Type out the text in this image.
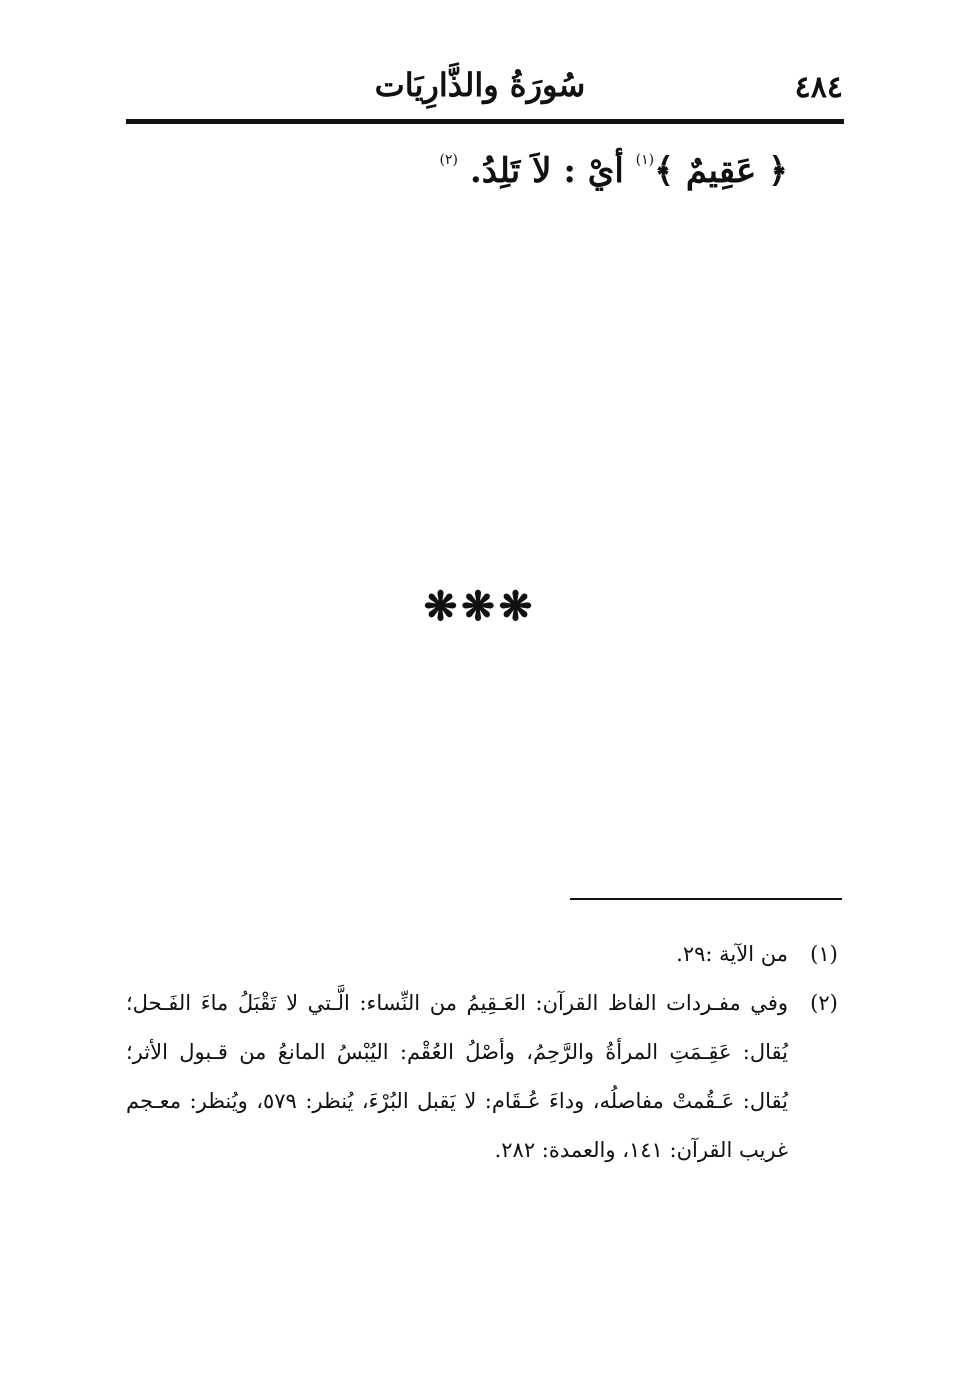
٤٨٤
سُورَةُ والذَّارِيَات
﴿ عَقِيمٌ ﴾$^{(١)}$ أيْ : لاَ تَلِدُ. $^{(٢)}$
❋❋❋
(١)
من الآية :٢٩.
(٢)
وفي مفـردات الفاظ القرآن: العَـقِيمُ من النِّساء: الَّـتي لا تَقْبَلُ ماءَ الفَـحل؛ يُقال: عَقِـمَتِ المرأةُ والرَّحِمُ، وأصْلُ العُقْم: اليُبْسُ المانعُ من قـبول الأثر؛ يُقال: عَـقُمتْ مفاصلُه، وداءَ عُـقَام: لا يَقبل البُرْءَ، يُنظر: ٥٧٩، ويُنظر: معـجم غريب القرآن: ١٤١، والعمدة: ٢٨٢.
